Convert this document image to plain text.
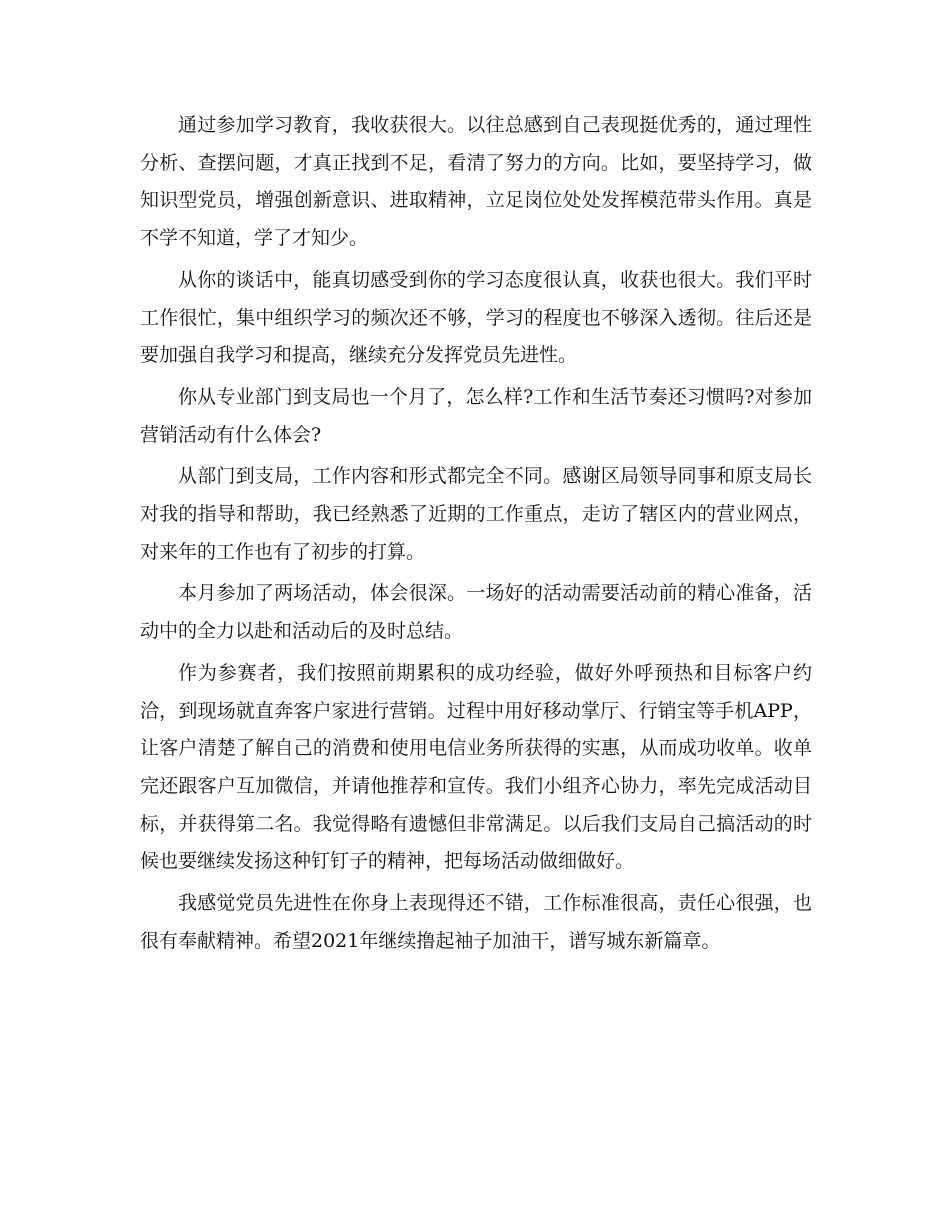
通过参加学习教育，我收获很大。以往总感到自己表现挺优秀的，通过理性分析、查摆问题，才真正找到不足，看清了努力的方向。比如，要坚持学习，做知识型党员，增强创新意识、进取精神，立足岗位处处发挥模范带头作用。真是不学不知道，学了才知少。

从你的谈话中，能真切感受到你的学习态度很认真，收获也很大。我们平时工作很忙，集中组织学习的频次还不够，学习的程度也不够深入透彻。往后还是要加强自我学习和提高，继续充分发挥党员先进性。

你从专业部门到支局也一个月了，怎么样?工作和生活节奏还习惯吗?对参加营销活动有什么体会?

从部门到支局，工作内容和形式都完全不同。感谢区局领导同事和原支局长对我的指导和帮助，我已经熟悉了近期的工作重点，走访了辖区内的营业网点，对来年的工作也有了初步的打算。

本月参加了两场活动，体会很深。一场好的活动需要活动前的精心准备，活动中的全力以赴和活动后的及时总结。

作为参赛者，我们按照前期累积的成功经验，做好外呼预热和目标客户约洽，到现场就直奔客户家进行营销。过程中用好移动掌厅、行销宝等手机APP，让客户清楚了解自己的消费和使用电信业务所获得的实惠，从而成功收单。收单完还跟客户互加微信，并请他推荐和宣传。我们小组齐心协力，率先完成活动目标，并获得第二名。我觉得略有遗憾但非常满足。以后我们支局自己搞活动的时候也要继续发扬这种钉钉子的精神，把每场活动做细做好。

我感觉党员先进性在你身上表现得还不错，工作标准很高，责任心很强，也很有奉献精神。希望2021年继续撸起袖子加油干，谱写城东新篇章。
